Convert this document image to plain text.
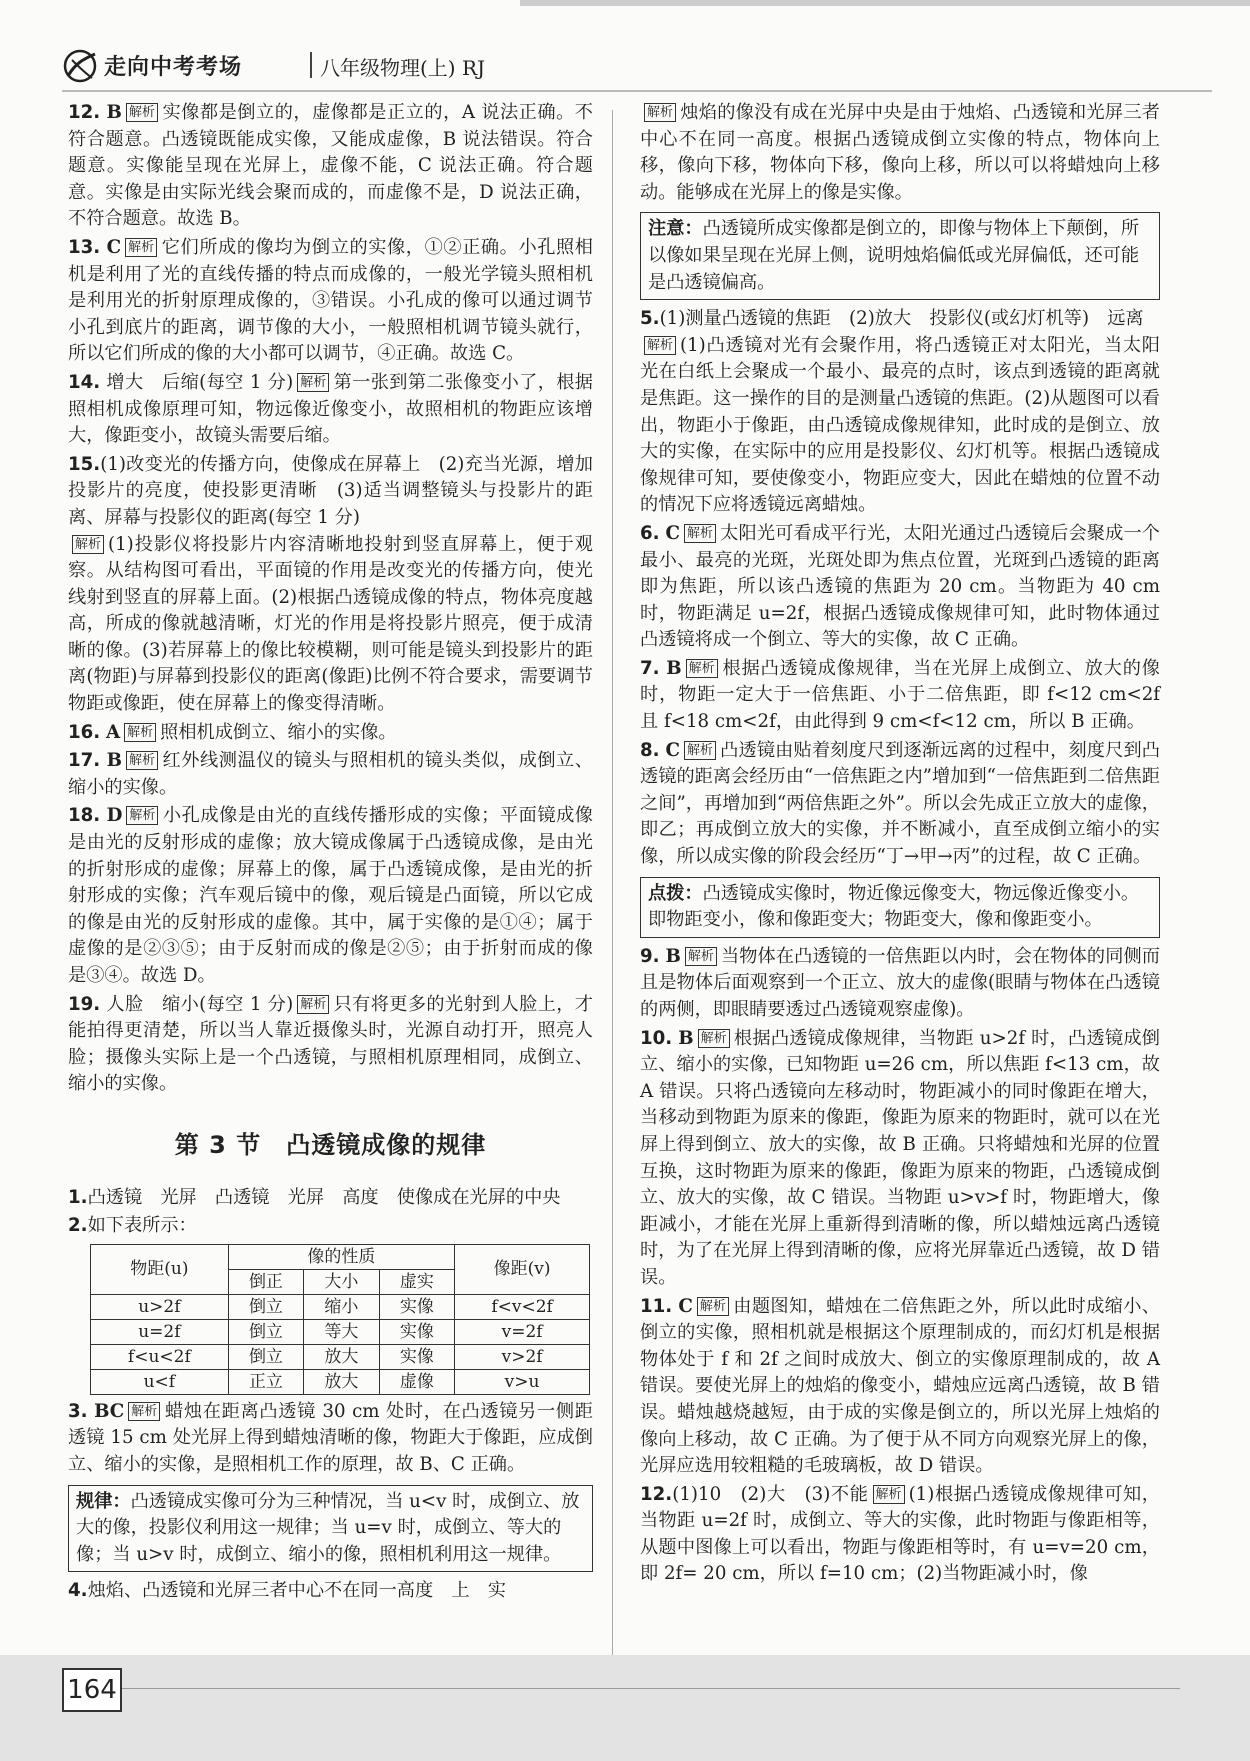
走向中考考场	八年级物理(上) RJ

12. B 解析 实像都是倒立的，虚像都是正立的，A 说法正确。不符合题意。凸透镜既能成实像，又能成虚像，B 说法错误。符合题意。实像能呈现在光屏上，虚像不能，C 说法正确。符合题意。实像是由实际光线会聚而成的，而虚像不是，D 说法正确，不符合题意。故选 B。

13. C 解析 它们所成的像均为倒立的实像，①②正确。小孔照相机是利用了光的直线传播的特点而成像的，一般光学镜头照相机是利用光的折射原理成像的，③错误。小孔成的像可以通过调节小孔到底片的距离，调节像的大小，一般照相机调节镜头就行，所以它们所成的像的大小都可以调节，④正确。故选 C。

14. 增大　后缩(每空 1 分) 解析 第一张到第二张像变小了，根据照相机成像原理可知，物远像近像变小，故照相机的物距应该增大，像距变小，故镜头需要后缩。

15.(1)改变光的传播方向，使像成在屏幕上　(2)充当光源，增加投影片的亮度，使投影更清晰　(3)适当调整镜头与投影片的距离、屏幕与投影仪的距离(每空 1 分)
解析 (1)投影仪将投影片内容清晰地投射到竖直屏幕上，便于观察。从结构图可看出，平面镜的作用是改变光的传播方向，使光线射到竖直的屏幕上面。(2)根据凸透镜成像的特点，物体亮度越高，所成的像就越清晰，灯光的作用是将投影片照亮，便于成清晰的像。(3)若屏幕上的像比较模糊，则可能是镜头到投影片的距离(物距)与屏幕到投影仪的距离(像距)比例不符合要求，需要调节物距或像距，使在屏幕上的像变得清晰。

16. A 解析 照相机成倒立、缩小的实像。

17. B 解析 红外线测温仪的镜头与照相机的镜头类似，成倒立、缩小的实像。

18. D 解析 小孔成像是由光的直线传播形成的实像；平面镜成像是由光的反射形成的虚像；放大镜成像属于凸透镜成像，是由光的折射形成的虚像；屏幕上的像，属于凸透镜成像，是由光的折射形成的实像；汽车观后镜中的像，观后镜是凸面镜，所以它成的像是由光的反射形成的虚像。其中，属于实像的是①④；属于虚像的是②③⑤；由于反射而成的像是②⑤；由于折射而成的像是③④。故选 D。

19. 人脸　缩小(每空 1 分) 解析 只有将更多的光射到人脸上，才能拍得更清楚，所以当人靠近摄像头时，光源自动打开，照亮人脸；摄像头实际上是一个凸透镜，与照相机原理相同，成倒立、缩小的实像。

第 3 节　凸透镜成像的规律

1.凸透镜　光屏　凸透镜　光屏　高度　使像成在光屏的中央

2.如下表所示：

物距(u)	像的性质			像距(v)
	倒正	大小	虚实	
u>2f	倒立	缩小	实像	f<v<2f
u=2f	倒立	等大	实像	v=2f
f<u<2f	倒立	放大	实像	v>2f
u<f	正立	放大	虚像	v>u

3. BC 解析 蜡烛在距离凸透镜 30 cm 处时，在凸透镜另一侧距透镜 15 cm 处光屏上得到蜡烛清晰的像，物距大于像距，应成倒立、缩小的实像，是照相机工作的原理，故 B、C 正确。

规律：凸透镜成实像可分为三种情况，当 u<v 时，成倒立、放大的像，投影仪利用这一规律；当 u=v 时，成倒立、等大的像；当 u>v 时，成倒立、缩小的像，照相机利用这一规律。

4.烛焰、凸透镜和光屏三者中心不在同一高度　上　实

解析 烛焰的像没有成在光屏中央是由于烛焰、凸透镜和光屏三者中心不在同一高度。根据凸透镜成倒立实像的特点，物体向上移，像向下移，物体向下移，像向上移，所以可以将蜡烛向上移动。能够成在光屏上的像是实像。

注意：凸透镜所成实像都是倒立的，即像与物体上下颠倒，所以像如果呈现在光屏上侧，说明烛焰偏低或光屏偏低，还可能是凸透镜偏高。

5.(1)测量凸透镜的焦距　(2)放大　投影仪(或幻灯机等)　远离
解析 (1)凸透镜对光有会聚作用，将凸透镜正对太阳光，当太阳光在白纸上会聚成一个最小、最亮的点时，该点到透镜的距离就是焦距。这一操作的目的是测量凸透镜的焦距。(2)从题图可以看出，物距小于像距，由凸透镜成像规律知，此时成的是倒立、放大的实像，在实际中的应用是投影仪、幻灯机等。根据凸透镜成像规律可知，要使像变小，物距应变大，因此在蜡烛的位置不动的情况下应将透镜远离蜡烛。

6. C 解析 太阳光可看成平行光，太阳光通过凸透镜后会聚成一个最小、最亮的光斑，光斑处即为焦点位置，光斑到凸透镜的距离即为焦距，所以该凸透镜的焦距为 20 cm。当物距为 40 cm 时，物距满足 u=2f，根据凸透镜成像规律可知，此时物体通过凸透镜将成一个倒立、等大的实像，故 C 正确。

7. B 解析 根据凸透镜成像规律，当在光屏上成倒立、放大的像时，物距一定大于一倍焦距、小于二倍焦距，即 f<12 cm<2f 且 f<18 cm<2f，由此得到 9 cm<f<12 cm，所以 B 正确。

8. C 解析 凸透镜由贴着刻度尺到逐渐远离的过程中，刻度尺到凸透镜的距离会经历由“一倍焦距之内”增加到“一倍焦距到二倍焦距之间”，再增加到“两倍焦距之外”。所以会先成正立放大的虚像，即乙；再成倒立放大的实像，并不断减小，直至成倒立缩小的实像，所以成实像的阶段会经历“丁→甲→丙”的过程，故 C 正确。

点拨：凸透镜成实像时，物近像远像变大，物远像近像变小。即物距变小，像和像距变大；物距变大，像和像距变小。

9. B 解析 当物体在凸透镜的一倍焦距以内时，会在物体的同侧而且是物体后面观察到一个正立、放大的虚像(眼睛与物体在凸透镜的两侧，即眼睛要透过凸透镜观察虚像)。

10. B 解析 根据凸透镜成像规律，当物距 u>2f 时，凸透镜成倒立、缩小的实像，已知物距 u=26 cm，所以焦距 f<13 cm，故 A 错误。只将凸透镜向左移动时，物距减小的同时像距在增大，当移动到物距为原来的像距，像距为原来的物距时，就可以在光屏上得到倒立、放大的实像，故 B 正确。只将蜡烛和光屏的位置互换，这时物距为原来的像距，像距为原来的物距，凸透镜成倒立、放大的实像，故 C 错误。当物距 u>v>f 时，物距增大，像距减小，才能在光屏上重新得到清晰的像，所以蜡烛远离凸透镜时，为了在光屏上得到清晰的像，应将光屏靠近凸透镜，故 D 错误。

11. C 解析 由题图知，蜡烛在二倍焦距之外，所以此时成缩小、倒立的实像，照相机就是根据这个原理制成的，而幻灯机是根据物体处于 f 和 2f 之间时成放大、倒立的实像原理制成的，故 A 错误。要使光屏上的烛焰的像变小，蜡烛应远离凸透镜，故 B 错误。蜡烛越烧越短，由于成的实像是倒立的，所以光屏上烛焰的像向上移动，故 C 正确。为了便于从不同方向观察光屏上的像，光屏应选用较粗糙的毛玻璃板，故 D 错误。

12.(1)10　(2)大　(3)不能 解析 (1)根据凸透镜成像规律可知，当物距 u=2f 时，成倒立、等大的实像，此时物距与像距相等，从题中图像上可以看出，物距与像距相等时，有 u=v=20 cm，即 2f= 20 cm，所以 f=10 cm；(2)当物距减小时，像

164
